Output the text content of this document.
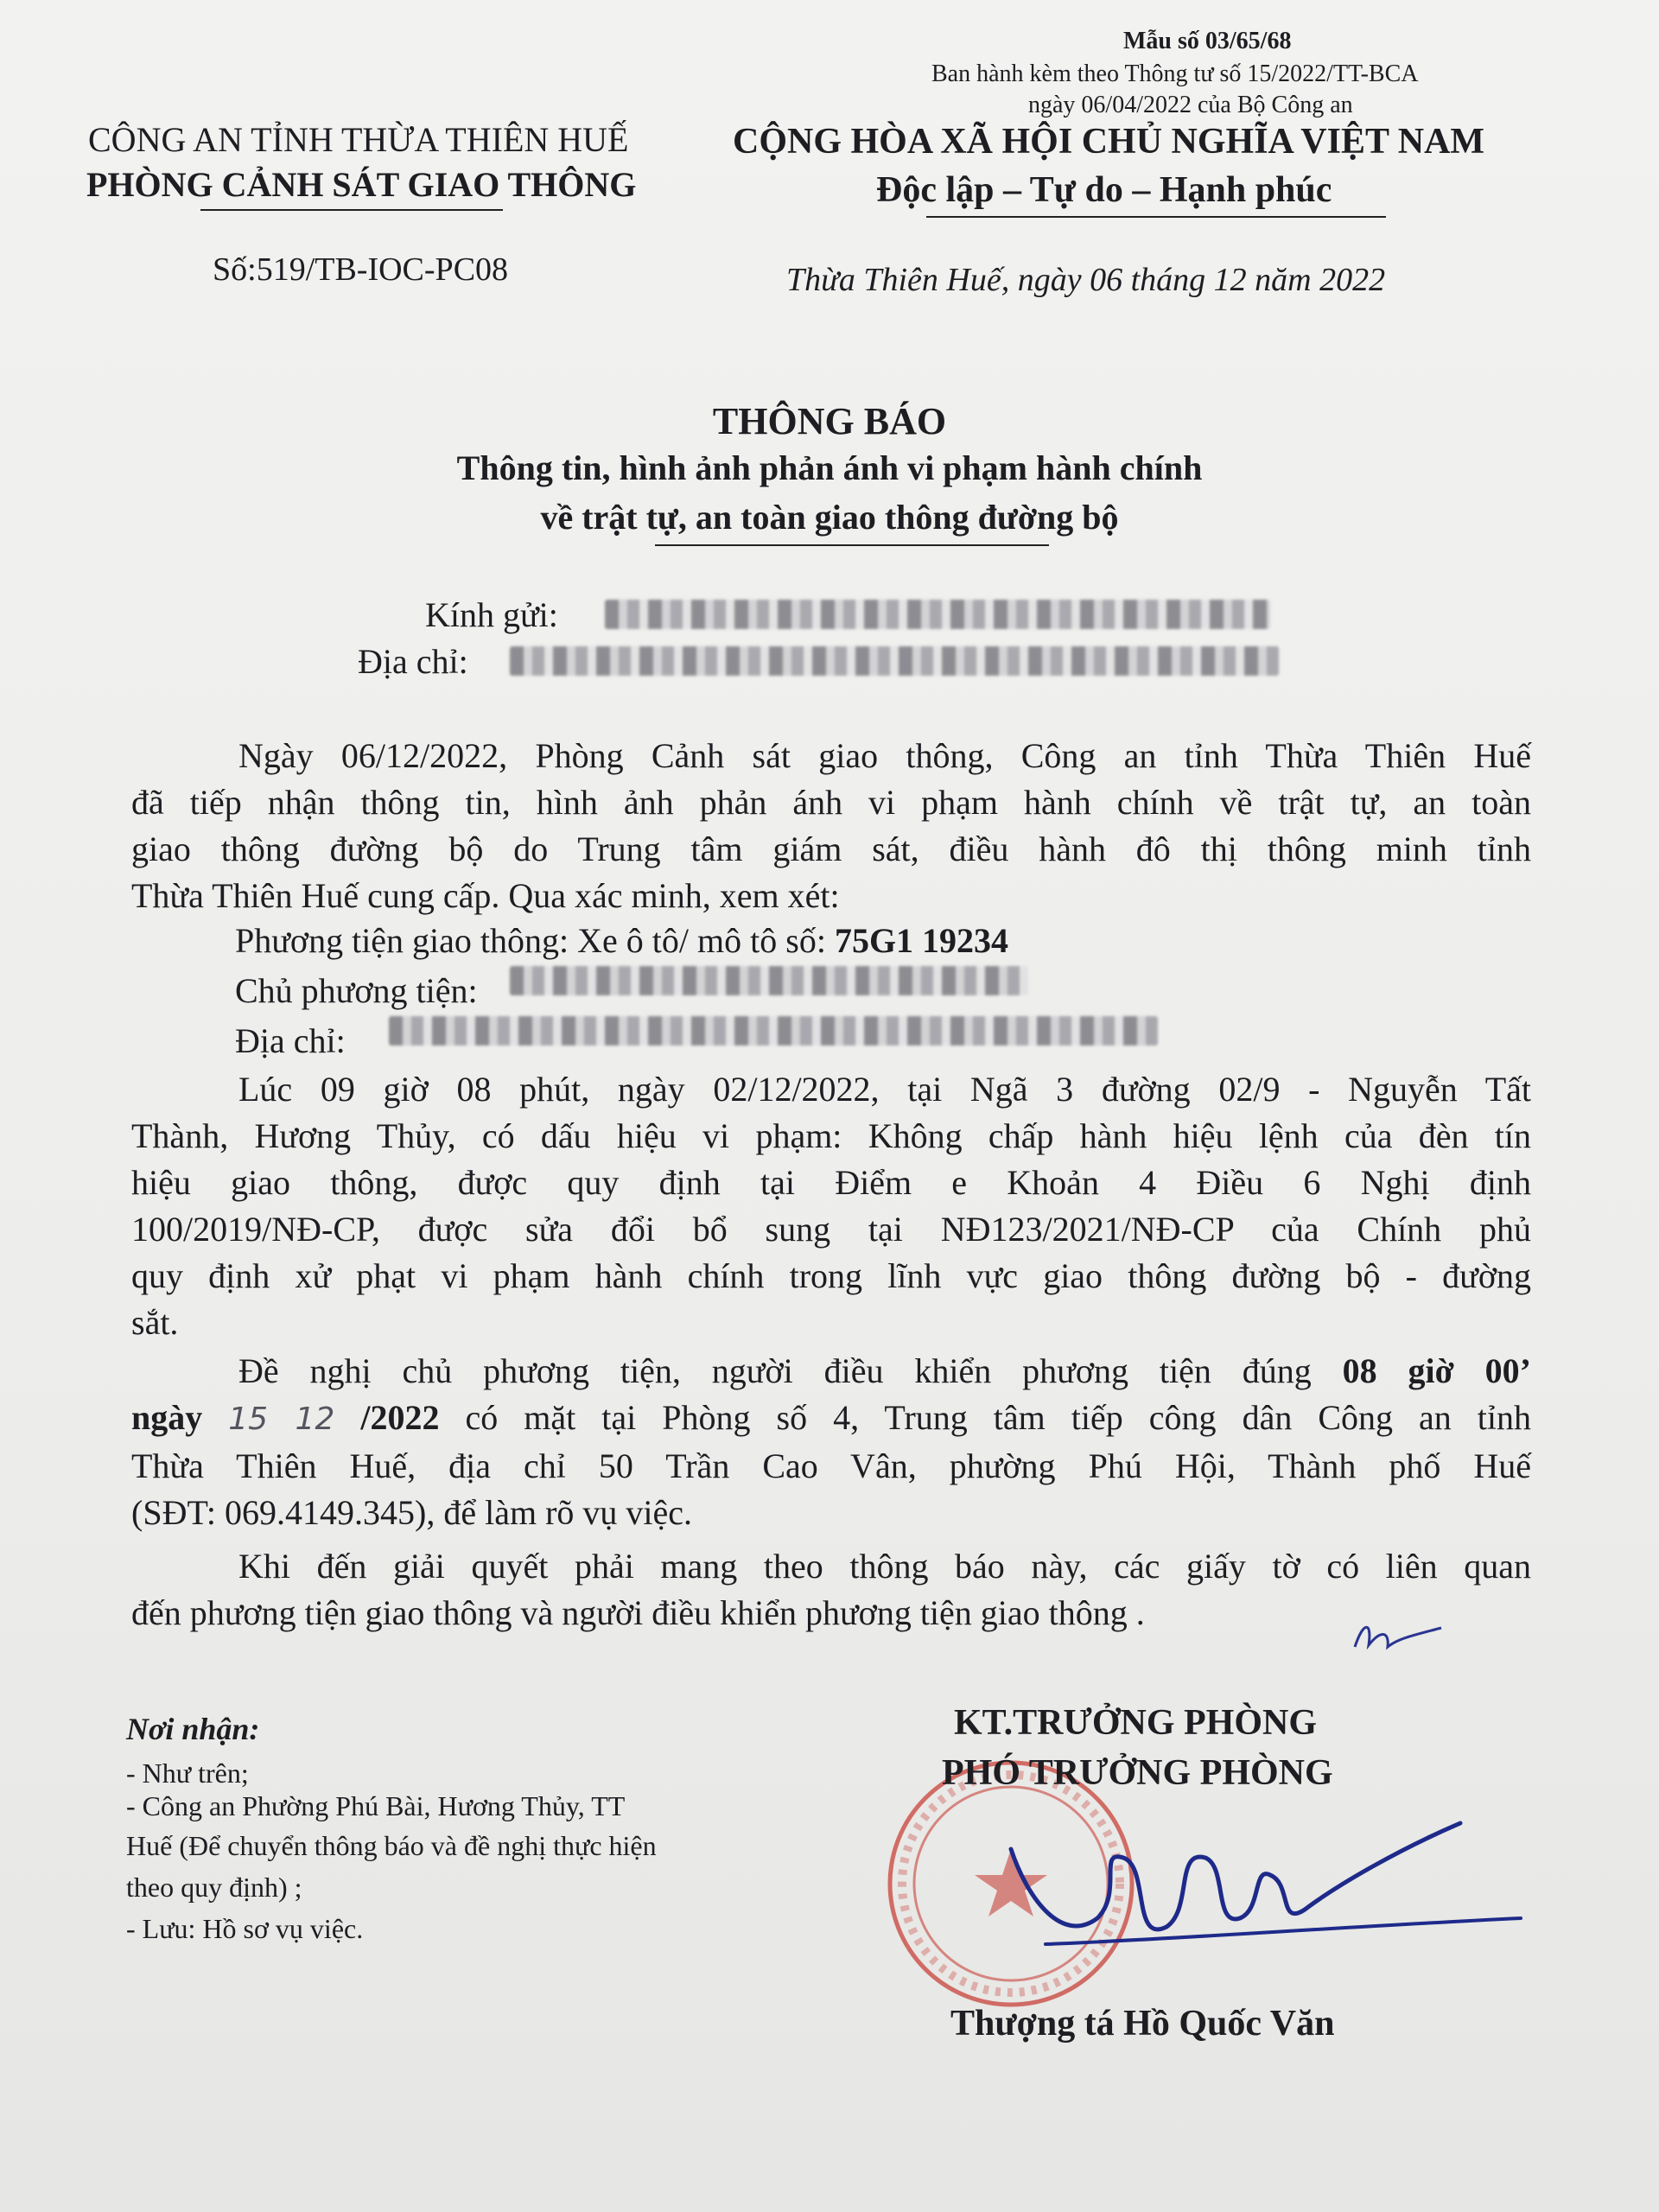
Mẫu số 03/65/68
Ban hành kèm theo Thông tư số 15/2022/TT-BCA
ngày 06/04/2022 của Bộ Công an
CÔNG AN TỈNH THỪA THIÊN HUẾ
PHÒNG CẢNH SÁT GIAO THÔNG
Số:519/TB-IOC-PC08
CỘNG HÒA XÃ HỘI CHỦ NGHĨA VIỆT NAM
Độc lập – Tự do – Hạnh phúc
Thừa Thiên Huế, ngày 06 tháng 12 năm 2022
THÔNG BÁO
Thông tin, hình ảnh phản ánh vi phạm hành chính
về trật tự, an toàn giao thông đường bộ
Kính gửi:
Địa chỉ:
Ngày 06/12/2022, Phòng Cảnh sát giao thông, Công an tỉnh Thừa Thiên Huế
đã tiếp nhận thông tin, hình ảnh phản ánh vi phạm hành chính về trật tự, an toàn
giao thông đường bộ do Trung tâm giám sát, điều hành đô thị thông minh tỉnh
Thừa Thiên Huế cung cấp. Qua xác minh, xem xét:
Phương tiện giao thông: Xe ô tô/ mô tô số: 75G1 19234
Chủ phương tiện:
Địa chỉ:
Lúc 09 giờ 08 phút, ngày 02/12/2022, tại Ngã 3 đường 02/9 - Nguyễn Tất
Thành, Hương Thủy, có dấu hiệu vi phạm: Không chấp hành hiệu lệnh của đèn tín
hiệu giao thông, được quy định tại Điểm e Khoản 4 Điều 6 Nghị định
100/2019/NĐ-CP, được sửa đổi bổ sung tại NĐ123/2021/NĐ-CP của Chính phủ
quy định xử phạt vi phạm hành chính trong lĩnh vực giao thông đường bộ - đường
sắt.
Đề nghị chủ phương tiện, người điều khiển phương tiện đúng 08 giờ 00’
ngày 15 12 /2022 có mặt tại Phòng số 4, Trung tâm tiếp công dân Công an tỉnh
Thừa Thiên Huế, địa chỉ 50 Trần Cao Vân, phường Phú Hội, Thành phố Huế
(SĐT: 069.4149.345), để làm rõ vụ việc.
Khi đến giải quyết phải mang theo thông báo này, các giấy tờ có liên quan
đến phương tiện giao thông và người điều khiển phương tiện giao thông .
Nơi nhận:
- Như trên;
- Công an Phường Phú Bài, Hương Thủy, TT
Huế (Để chuyển thông báo và đề nghị thực hiện
theo quy định) ;
- Lưu: Hồ sơ vụ việc.
KT.TRƯỞNG PHÒNG
PHÓ TRƯỞNG PHÒNG
Thượng tá Hồ Quốc Văn
